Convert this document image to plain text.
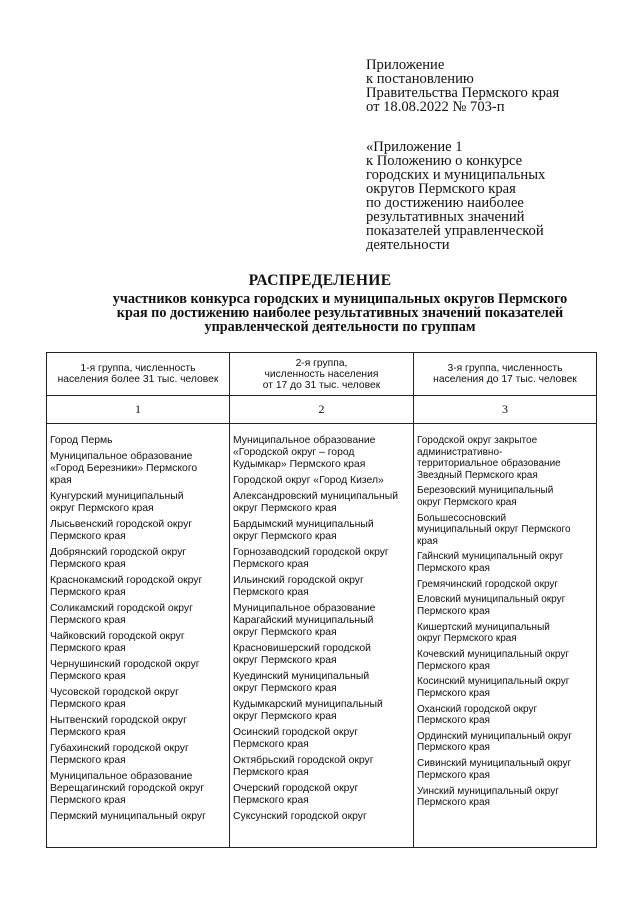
Приложение
к постановлению
Правительства Пермского края
от 18.08.2022 № 703-п
«Приложение 1
к Положению о конкурсе
городских и муниципальных
округов Пермского края
по достижению наиболее
результативных значений
показателей управленческой
деятельности
РАСПРЕДЕЛЕНИЕ
участников конкурса городских и муниципальных округов Пермского
края по достижению наиболее результативных значений показателей
управленческой деятельности по группам
1-я группа, численность
населения более 31 тыс. человек
2-я группа,
численность населения
от 17 до 31 тыс. человек
3-я группа, численность
населения до 17 тыс. человек
1	2	3
Город Пермь
Муниципальное образование
«Город Березники» Пермского
края
Кунгурский муниципальный
округ Пермского края
Лысьвенский городской округ
Пермского края
Добрянский городской округ
Пермского края
Краснокамский городской округ
Пермского края
Соликамский городской округ
Пермского края
Чайковский городской округ
Пермского края
Чернушинский городской округ
Пермского края
Чусовской городской округ
Пермского края
Нытвенский городской округ
Пермского края
Губахинский городской округ
Пермского края
Муниципальное образование
Верещагинский городской округ
Пермского края
Пермский муниципальный округ
Муниципальное образование
«Городской округ – город
Кудымкар» Пермского края
Городской округ «Город Кизел»
Александровский муниципальный
округ Пермского края
Бардымский муниципальный
округ Пермского края
Горнозаводский городской округ
Пермского края
Ильинский городской округ
Пермского края
Муниципальное образование
Карагайский муниципальный
округ Пермского края
Красновишерский городской
округ Пермского края
Куединский муниципальный
округ Пермского края
Кудымкарский муниципальный
округ Пермского края
Осинский городской округ
Пермского края
Октябрьский городской округ
Пермского края
Очерский городской округ
Пермского края
Суксунский городской округ
Городской округ закрытое
административно-
территориальное образование
Звездный Пермского края
Березовский муниципальный
округ Пермского края
Большесосновский
муниципальный округ Пермского
края
Гайнский муниципальный округ
Пермского края
Гремячинский городской округ
Еловский муниципальный округ
Пермского края
Кишертский муниципальный
округ Пермского края
Кочевский муниципальный округ
Пермского края
Косинский муниципальный округ
Пермского края
Оханский городской округ
Пермского края
Ординский муниципальный округ
Пермского края
Сивинский муниципальный округ
Пермского края
Уинский муниципальный округ
Пермского края
